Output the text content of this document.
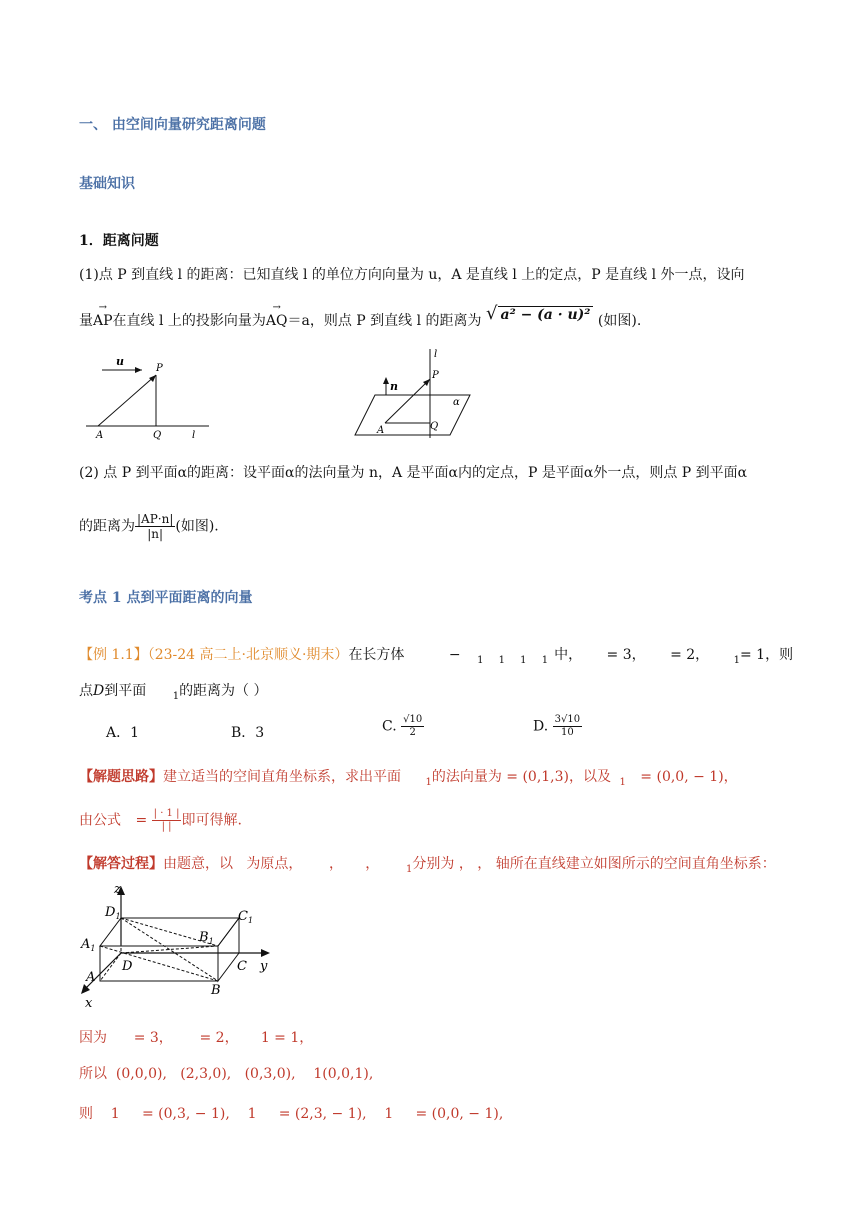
一、 由空间向量研究距离问题
基础知识
1．距离问题
(1)点 P 到直线 l 的距离：已知直线 l 的单位方向向量为 u，A 是直线 l 上的定点，P 是直线 l 外一点，设向
量→ AP在直线 l 上的投影向量为→ AQ＝a，则点 P 到直线 l 的距离为 √ a² − (a · u)² (如图).
u
P
A	Q	l
l
n
P
α
A	Q
(2) 点 P 到平面α的距离：设平面α的法向量为 n，A 是平面α内的定点，P 是平面α外一点，则点 P 到平面α
的距离为 $\frac{|AP\cdot n|}{|n|}$ (如图).
考点 1 点到平面距离的向量
【例 1.1】（23-24 高二上·北京顺义·期末）在长方体	− $_{1 1 1 1}$中， = 3， = 2， $_1$= 1，则
点D到平面	$_1$的距离为（ ）
A．1	B．3	C. $\frac{√10}{2}$	D. $\frac{3√10}{10}$
【解题思路】建立适当的空间直角坐标系，求出平面 $_1$的法向量为 = (0,1,3)，以及 $_1$ = (0,0, − 1)，
由公式 = $\frac{| \cdot 1 |}{| |}$ 即可得解.
【解答过程】由题意，以   为原点，      ，     ，      $_1$分别为 ， ， 轴所在直线建立如图所示的空间直角坐标系：
z
y
x
$D_1$	$C_1$
$A_1$
$B_1$
D	C
A
B
因为      = 3，      = 2，     1 = 1，
所以  (0,0,0),   (2,3,0),   (0,3,0),    1(0,0,1),
则    1     = (0,3, − 1),    1     = (2,3, − 1),    1     = (0,0, − 1),
